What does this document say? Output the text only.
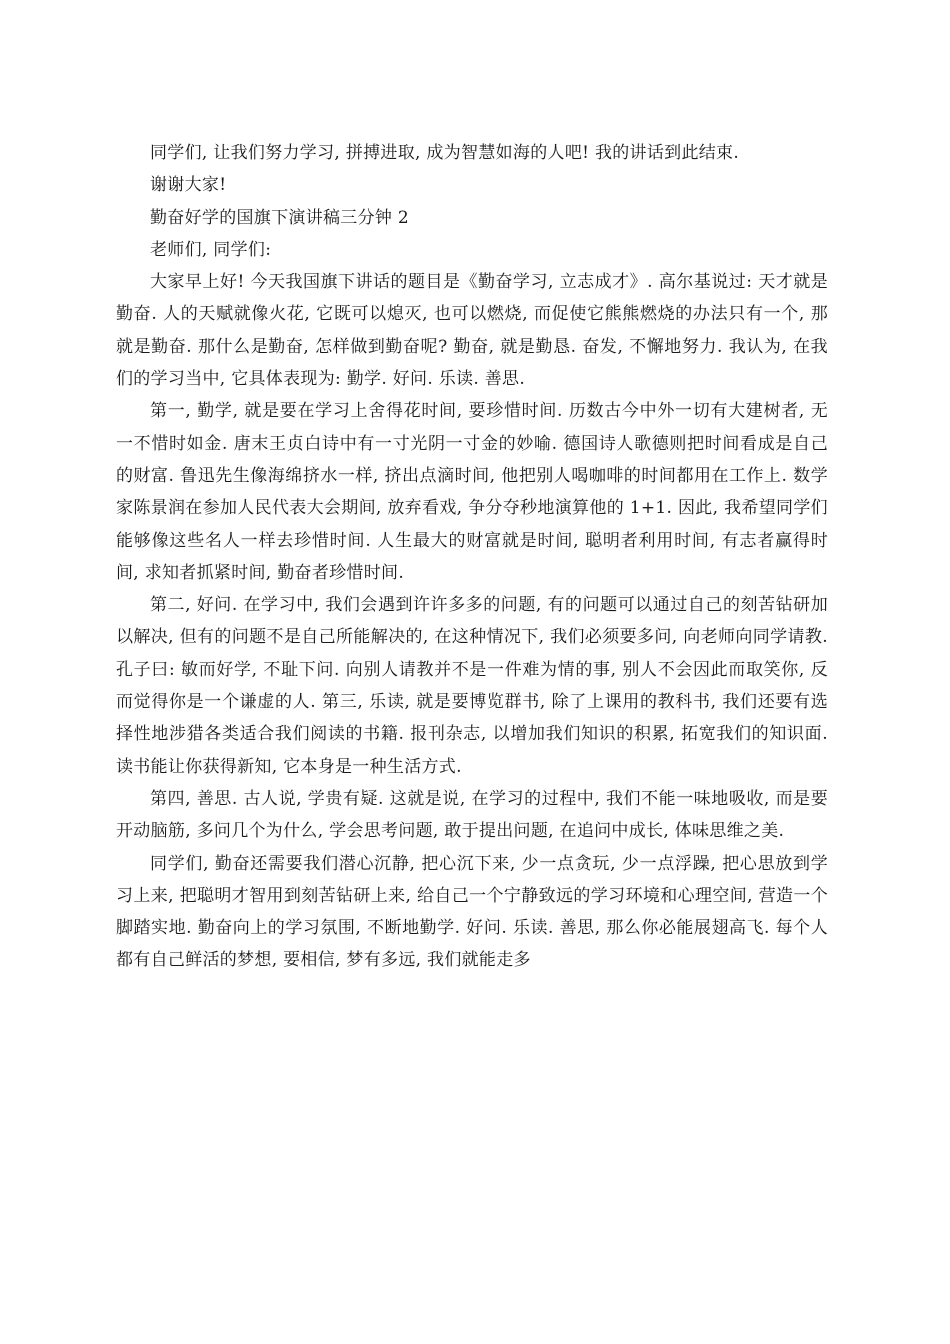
同学们, 让我们努力学习, 拼搏进取, 成为智慧如海的人吧! 我的讲话到此结束.

谢谢大家!

勤奋好学的国旗下演讲稿三分钟 2

老师们, 同学们:

大家早上好! 今天我国旗下讲话的题目是《勤奋学习, 立志成才》. 高尔基说过: 天才就是勤奋. 人的天赋就像火花, 它既可以熄灭, 也可以燃烧, 而促使它熊熊燃烧的办法只有一个, 那就是勤奋. 那什么是勤奋, 怎样做到勤奋呢? 勤奋, 就是勤恳. 奋发, 不懈地努力. 我认为, 在我们的学习当中, 它具体表现为: 勤学. 好问. 乐读. 善思.

第一, 勤学, 就是要在学习上舍得花时间, 要珍惜时间. 历数古今中外一切有大建树者, 无一不惜时如金. 唐末王贞白诗中有一寸光阴一寸金的妙喻. 德国诗人歌德则把时间看成是自己的财富. 鲁迅先生像海绵挤水一样, 挤出点滴时间, 他把别人喝咖啡的时间都用在工作上. 数学家陈景润在参加人民代表大会期间, 放弃看戏, 争分夺秒地演算他的 1+1. 因此, 我希望同学们能够像这些名人一样去珍惜时间. 人生最大的财富就是时间, 聪明者利用时间, 有志者赢得时间, 求知者抓紧时间, 勤奋者珍惜时间.

第二, 好问. 在学习中, 我们会遇到许许多多的问题, 有的问题可以通过自己的刻苦钻研加以解决, 但有的问题不是自己所能解决的, 在这种情况下, 我们必须要多问, 向老师向同学请教. 孔子曰: 敏而好学, 不耻下问. 向别人请教并不是一件难为情的事, 别人不会因此而取笑你, 反而觉得你是一个谦虚的人. 第三, 乐读, 就是要博览群书, 除了上课用的教科书, 我们还要有选择性地涉猎各类适合我们阅读的书籍. 报刊杂志, 以增加我们知识的积累, 拓宽我们的知识面. 读书能让你获得新知, 它本身是一种生活方式.

第四, 善思. 古人说, 学贵有疑. 这就是说, 在学习的过程中, 我们不能一味地吸收, 而是要开动脑筋, 多问几个为什么, 学会思考问题, 敢于提出问题, 在追问中成长, 体味思维之美.

同学们, 勤奋还需要我们潜心沉静, 把心沉下来, 少一点贪玩, 少一点浮躁, 把心思放到学习上来, 把聪明才智用到刻苦钻研上来, 给自己一个宁静致远的学习环境和心理空间, 营造一个脚踏实地. 勤奋向上的学习氛围, 不断地勤学. 好问. 乐读. 善思, 那么你必能展翅高飞. 每个人都有自己鲜活的梦想, 要相信, 梦有多远, 我们就能走多
